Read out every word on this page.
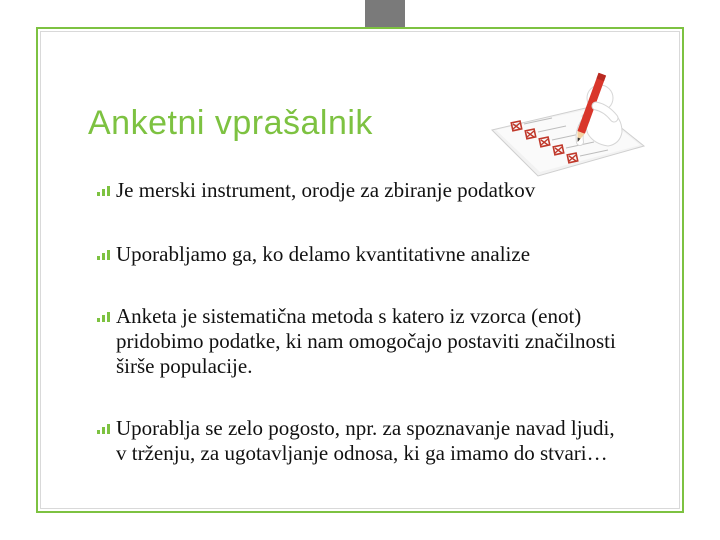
Anketni vprašalnik
Je merski instrument, orodje za zbiranje podatkov
Uporabljamo ga, ko delamo kvantitativne analize
Anketa je sistematična metoda s katero iz vzorca (enot) pridobimo podatke, ki nam omogočajo postaviti značilnosti širše populacije.
Uporablja se zelo pogosto, npr. za spoznavanje navad ljudi, v trženju, za ugotavljanje odnosa, ki ga imamo do stvari…
